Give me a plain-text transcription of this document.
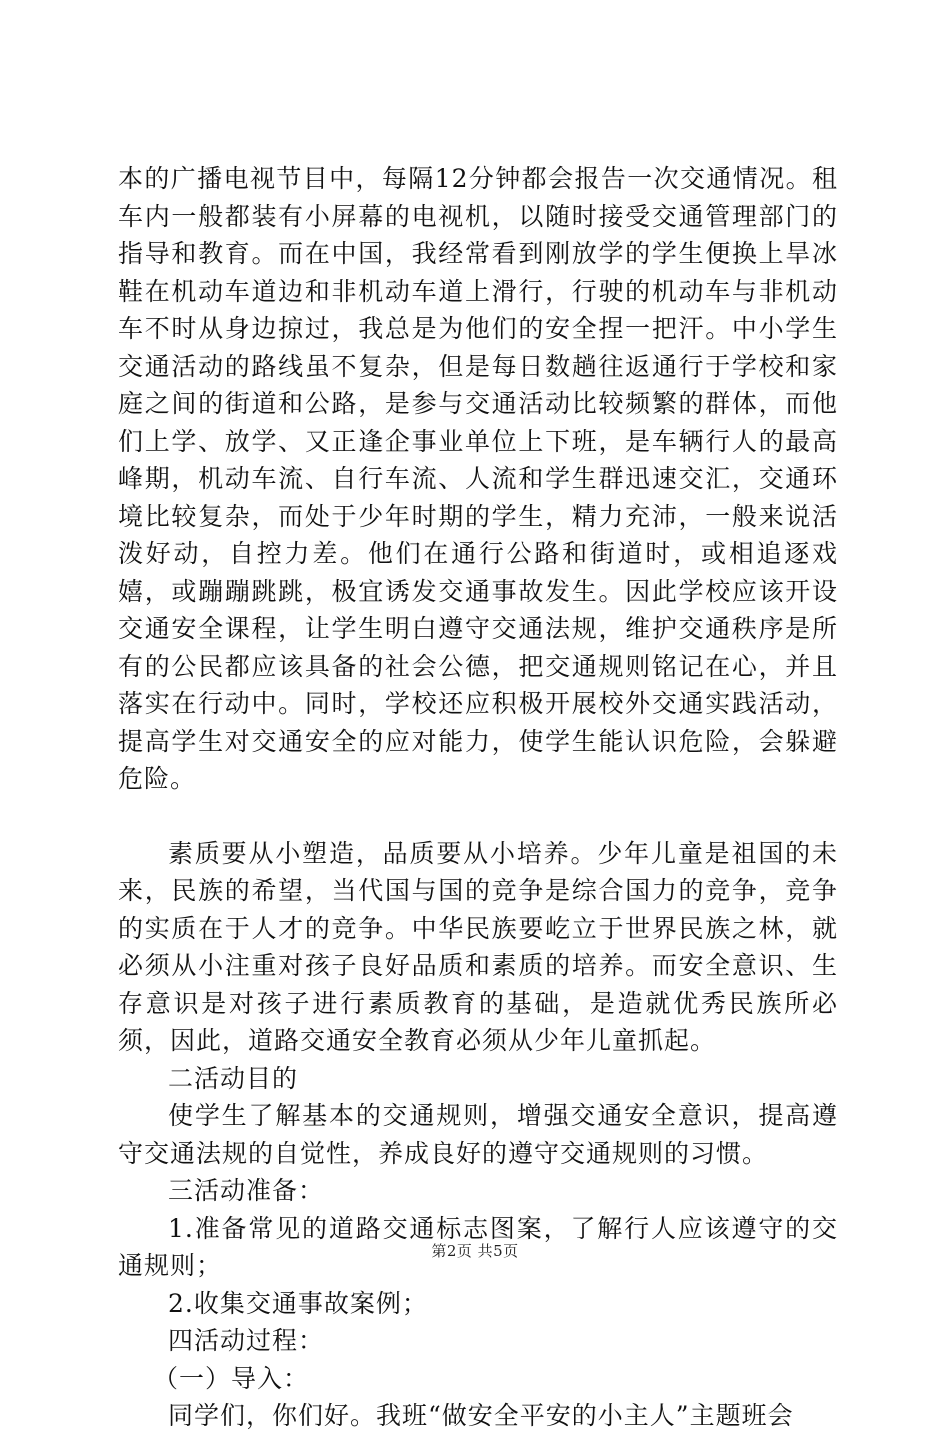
本的广播电视节目中，每隔12分钟都会报告一次交通情况。租车内一般都装有小屏幕的电视机，以随时接受交通管理部门的指导和教育。而在中国，我经常看到刚放学的学生便换上旱冰鞋在机动车道边和非机动车道上滑行，行驶的机动车与非机动车不时从身边掠过，我总是为他们的安全捏一把汗。中小学生交通活动的路线虽不复杂，但是每日数趟往返通行于学校和家庭之间的街道和公路，是参与交通活动比较频繁的群体，而他们上学、放学、又正逢企事业单位上下班，是车辆行人的最高峰期，机动车流、自行车流、人流和学生群迅速交汇，交通环境比较复杂，而处于少年时期的学生，精力充沛，一般来说活泼好动，自控力差。他们在通行公路和街道时，或相追逐戏嬉，或蹦蹦跳跳，极宜诱发交通事故发生。因此学校应该开设交通安全课程，让学生明白遵守交通法规，维护交通秩序是所有的公民都应该具备的社会公德，把交通规则铭记在心，并且落实在行动中。同时，学校还应积极开展校外交通实践活动，提高学生对交通安全的应对能力，使学生能认识危险，会躲避危险。

素质要从小塑造，品质要从小培养。少年儿童是祖国的未来，民族的希望，当代国与国的竞争是综合国力的竞争，竞争的实质在于人才的竞争。中华民族要屹立于世界民族之林，就必须从小注重对孩子良好品质和素质的培养。而安全意识、生存意识是对孩子进行素质教育的基础，是造就优秀民族所必须，因此，道路交通安全教育必须从少年儿童抓起。

二活动目的

使学生了解基本的交通规则，增强交通安全意识，提高遵守交通法规的自觉性，养成良好的遵守交通规则的习惯。

三活动准备：

1.准备常见的道路交通标志图案，了解行人应该遵守的交通规则；

2.收集交通事故案例；

四活动过程：

（一）导入：

同学们，你们好。我班“做安全平安的小主人”主题班会

第2页 共5页
